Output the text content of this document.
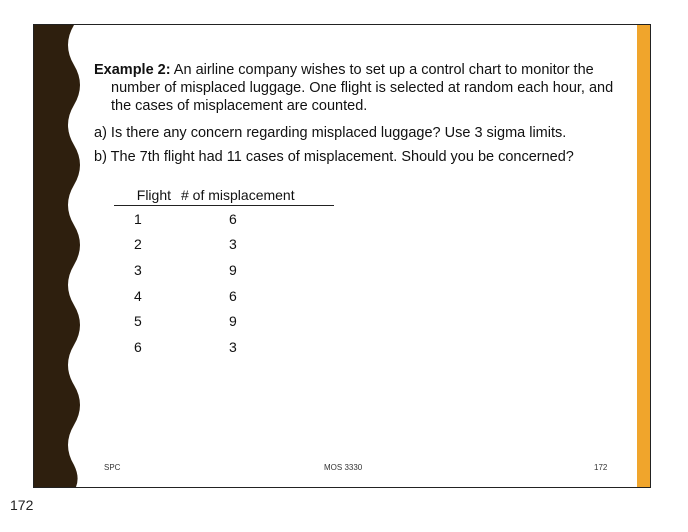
Example 2: An airline company wishes to set up a control chart to monitor the number of misplaced luggage. One flight is selected at random each hour, and the cases of misplacement are counted.

a) Is there any concern regarding misplaced luggage? Use 3 sigma limits.

b) The 7th flight had 11 cases of misplacement. Should you be concerned?

Flight	# of misplacement
1	6
2	3
3	9
4	6
5	9
6	3
SPC	MOS 3330	172
172
